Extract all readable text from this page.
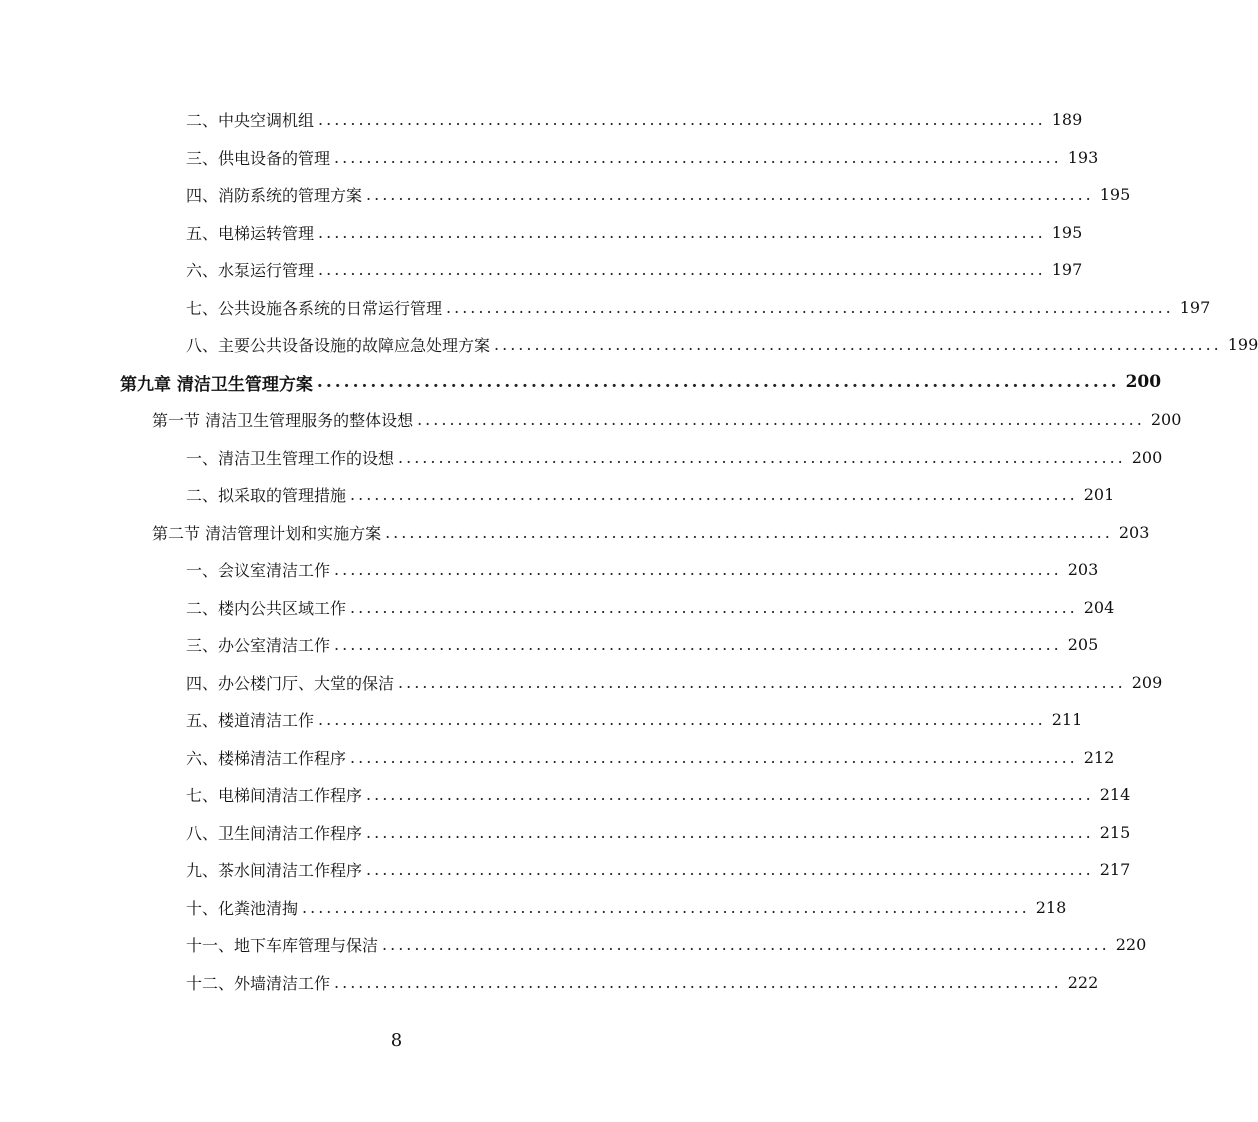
二、中央空调机组 .......................................................................................... 189
三、供电设备的管理 .......................................................................................... 193
四、消防系统的管理方案 .......................................................................................... 195
五、电梯运转管理 .......................................................................................... 195
六、水泵运行管理 .......................................................................................... 197
七、公共设施各系统的日常运行管理 .......................................................................................... 197
八、主要公共设备设施的故障应急处理方案 .......................................................................................... 199
第九章 清洁卫生管理方案 .......................................................................................... 200
第一节 清洁卫生管理服务的整体设想 .......................................................................................... 200
一、清洁卫生管理工作的设想 .......................................................................................... 200
二、拟采取的管理措施 .......................................................................................... 201
第二节 清洁管理计划和实施方案 .......................................................................................... 203
一、会议室清洁工作 .......................................................................................... 203
二、楼内公共区域工作 .......................................................................................... 204
三、办公室清洁工作 .......................................................................................... 205
四、办公楼门厅、大堂的保洁 .......................................................................................... 209
五、楼道清洁工作 .......................................................................................... 211
六、楼梯清洁工作程序 .......................................................................................... 212
七、电梯间清洁工作程序 .......................................................................................... 214
八、卫生间清洁工作程序 .......................................................................................... 215
九、茶水间清洁工作程序 .......................................................................................... 217
十、化粪池清掏 .......................................................................................... 218
十一、地下车库管理与保洁 .......................................................................................... 220
十二、外墙清洁工作 .......................................................................................... 222
8
